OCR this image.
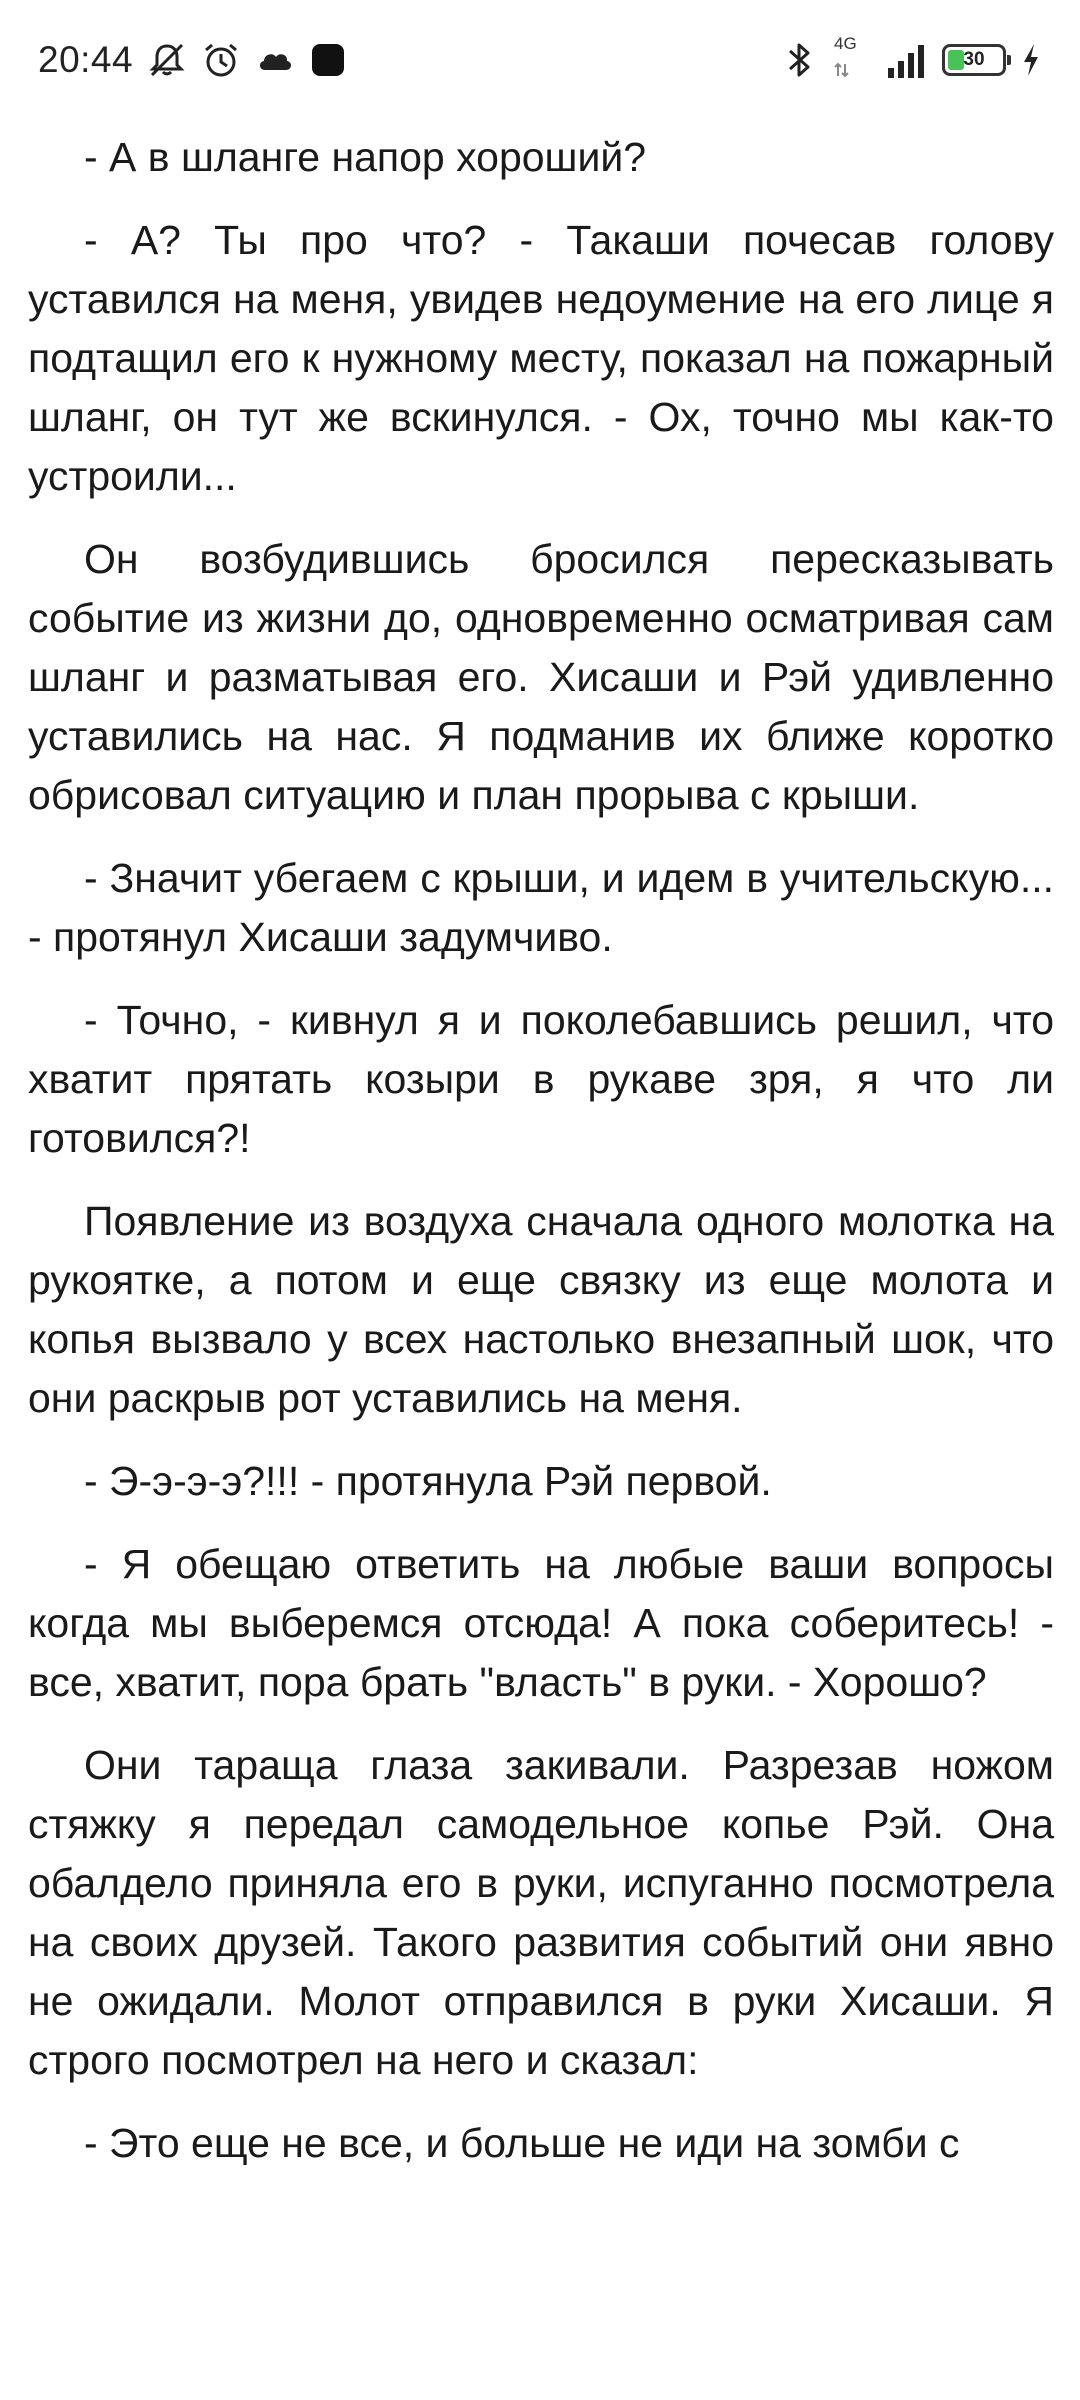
20:44	4G
30

- А в шланге напор хороший?

- А? Ты про что? - Такаши почесав голову уставился на меня, увидев недоумение на его лице я подтащил его к нужному месту, показал на пожарный шланг, он тут же вскинулся. - Ох, точно мы как-то устроили...

Он возбудившись бросился пересказывать событие из жизни до, одновременно осматривая сам шланг и разматывая его. Хисаши и Рэй удивленно уставились на нас. Я подманив их ближе коротко обрисовал ситуацию и план прорыва с крыши.

- Значит убегаем с крыши, и идем в учительскую... - протянул Хисаши задумчиво.

- Точно, - кивнул я и поколебавшись решил, что хватит прятать козыри в рукаве зря, я что ли готовился?!

Появление из воздуха сначала одного молотка на рукоятке, а потом и еще связку из еще молота и копья вызвало у всех настолько внезапный шок, что они раскрыв рот уставились на меня.

- Э-э-э-э?!!! - протянула Рэй первой.

- Я обещаю ответить на любые ваши вопросы когда мы выберемся отсюда! А пока соберитесь! - все, хватит, пора брать "власть" в руки. - Хорошо?

Они тараща глаза закивали. Разрезав ножом стяжку я передал самодельное копье Рэй. Она обалдело приняла его в руки, испуганно посмотрела на своих друзей. Такого развития событий они явно не ожидали. Молот отправился в руки Хисаши. Я строго посмотрел на него и сказал:

- Это еще не все, и больше не иди на зомби с
